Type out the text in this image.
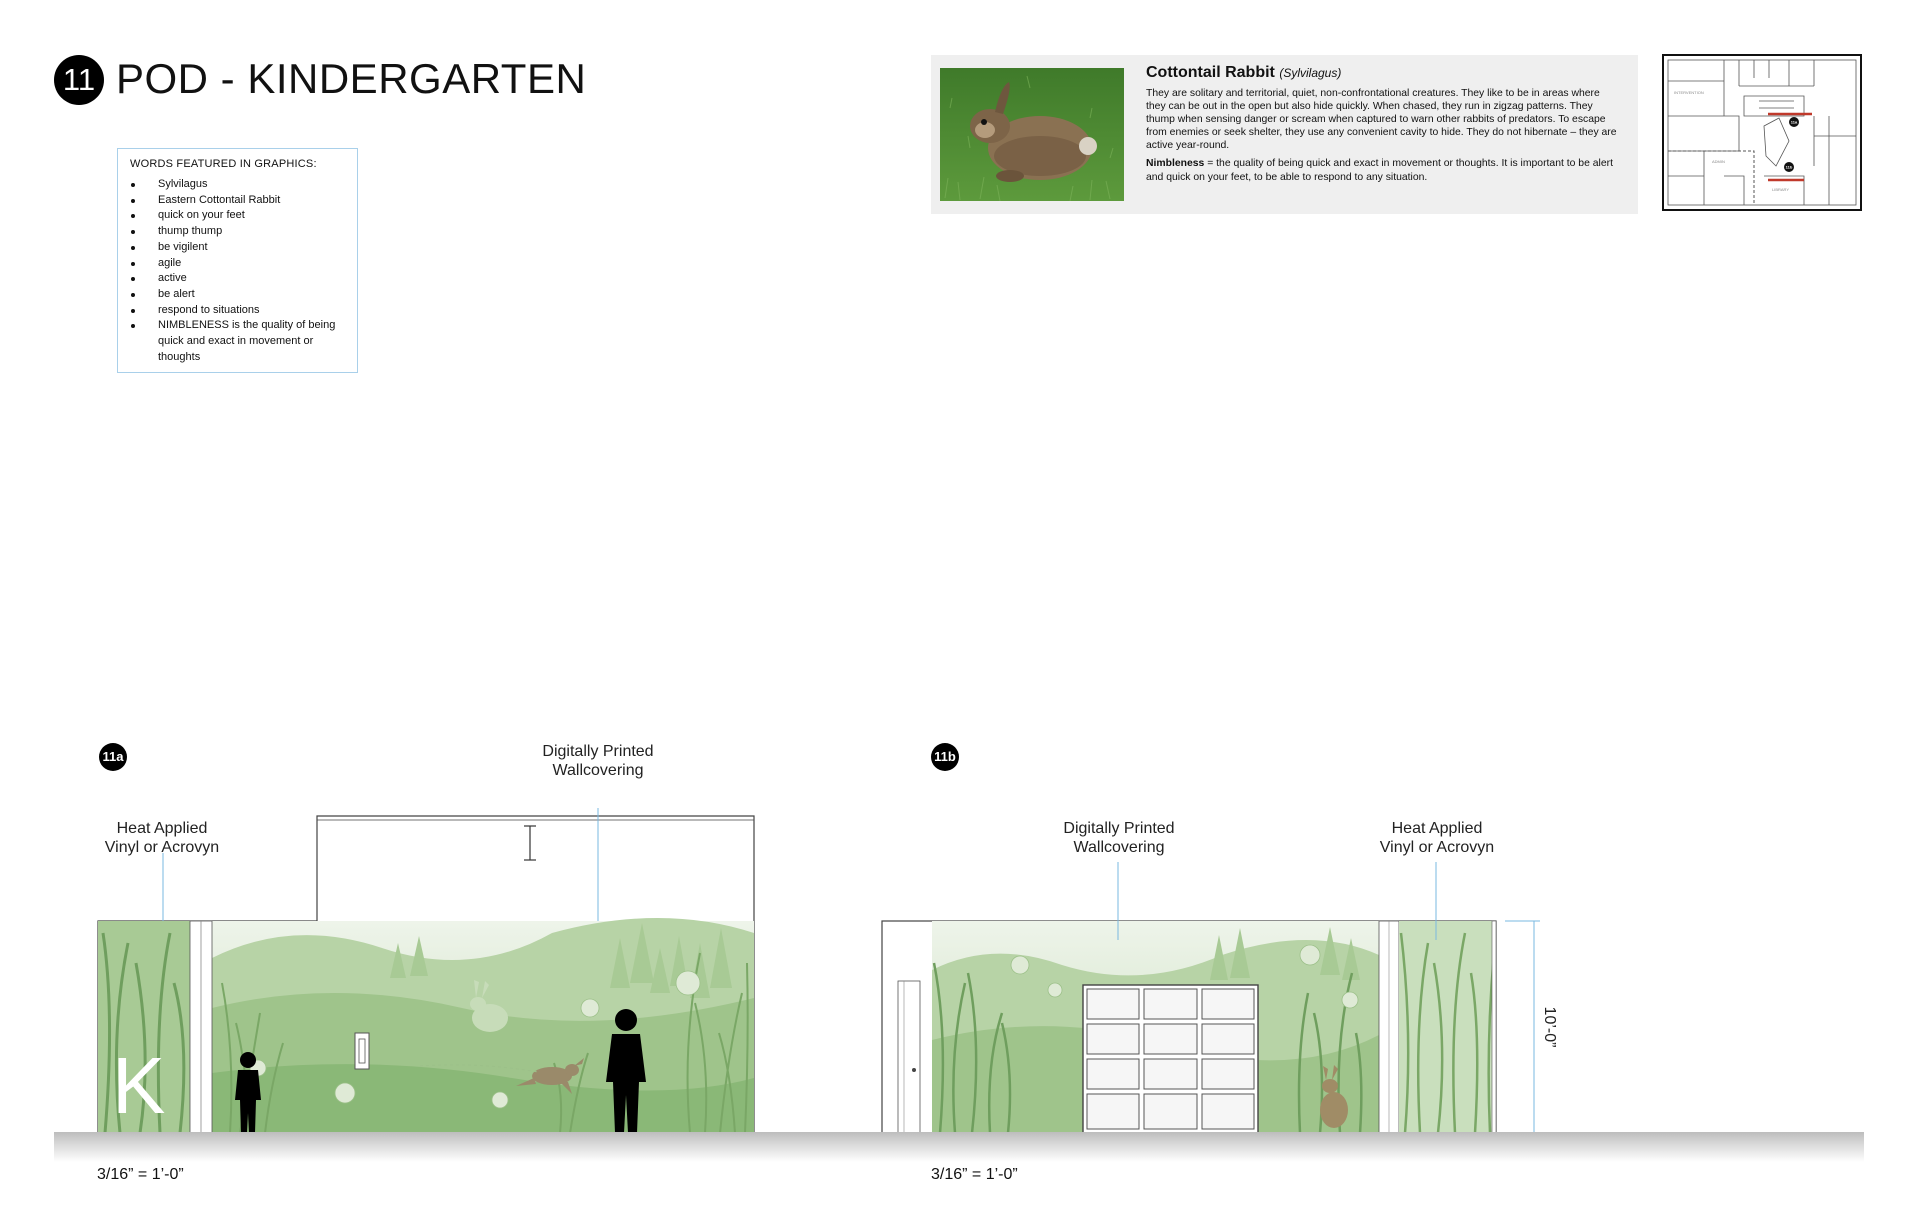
11 POD - KINDERGARTEN
WORDS FEATURED IN GRAPHICS:
Sylvilagus
Eastern Cottontail Rabbit
quick on your feet
thump thump
be vigilent
agile
active
be alert
respond to situations
NIMBLENESS is the quality of being quick and exact in movement or thoughts
Cottontail Rabbit (Sylvilagus)

They are solitary and territorial, quiet, non-confrontational creatures. They like to be in areas where they can be out in the open but also hide quickly. When chased, they run in zigzag patterns. They thump when sensing danger or scream when captured to warn other rabbits of predators. To escape from enemies or seek shelter, they use any convenient cavity to hide. They do not hibernate – they are active year-round.

Nimbleness = the quality of being quick and exact in movement or thoughts. It is important to be alert and quick on your feet, to be able to respond to any situation.

INTERVENTION
ADMIN
LIBRARY
11a
11b
11a
Heat Applied
Vinyl or Acrovyn
Digitally Printed
Wallcovering
K
3/16” = 1’-0”
11b
Digitally Printed
Wallcovering
Heat Applied
Vinyl or Acrovyn
10’-0”
3/16” = 1’-0”
